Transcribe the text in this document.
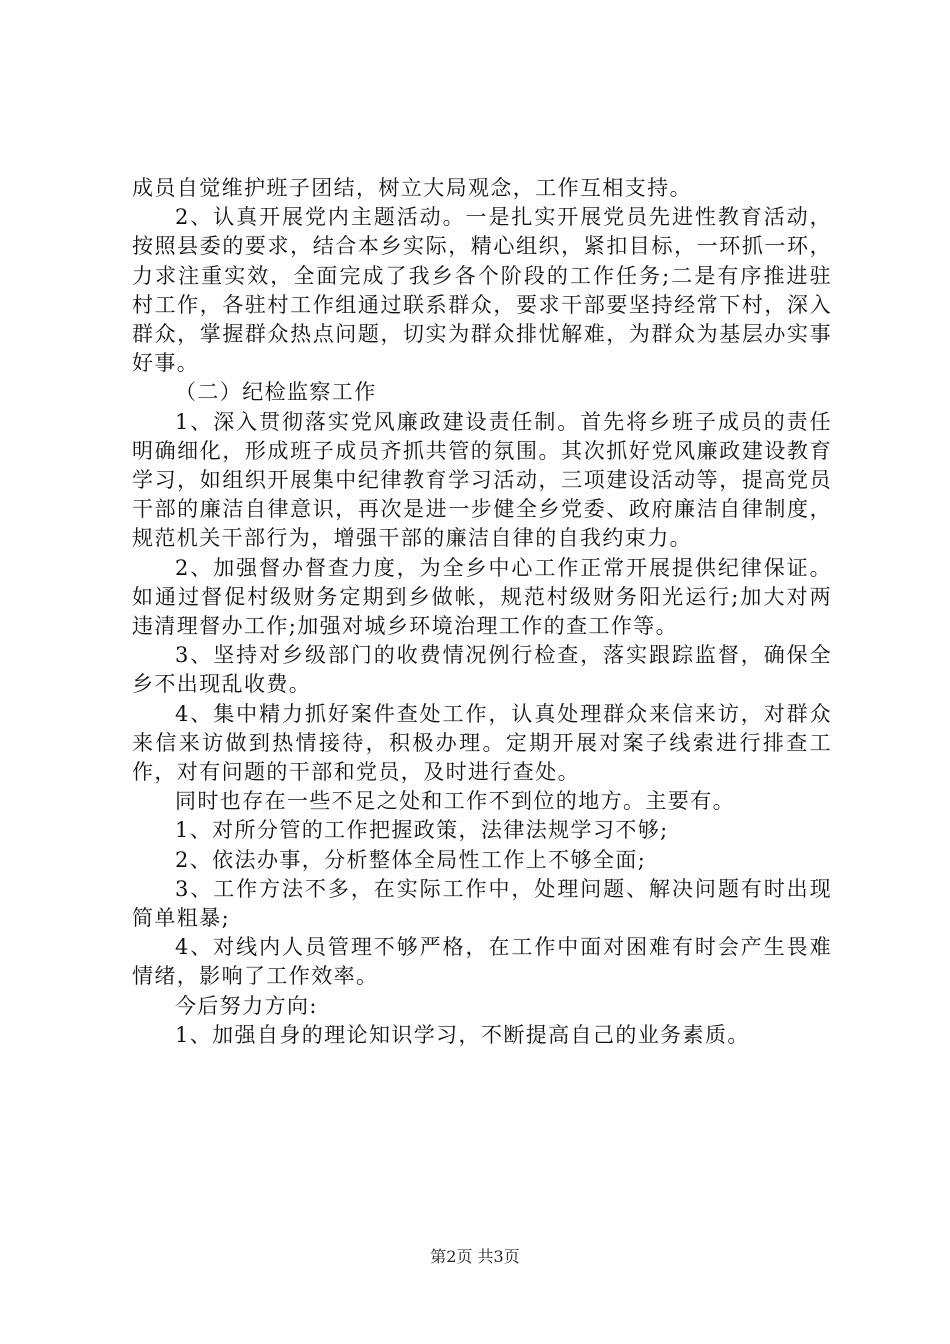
成员自觉维护班子团结，树立大局观念，工作互相支持。

2、认真开展党内主题活动。一是扎实开展党员先进性教育活动，按照县委的要求，结合本乡实际，精心组织，紧扣目标，一环抓一环，力求注重实效，全面完成了我乡各个阶段的工作任务;二是有序推进驻村工作，各驻村工作组通过联系群众，要求干部要坚持经常下村，深入群众，掌握群众热点问题，切实为群众排忧解难，为群众为基层办实事好事。

（二）纪检监察工作

1、深入贯彻落实党风廉政建设责任制。首先将乡班子成员的责任明确细化，形成班子成员齐抓共管的氛围。其次抓好党风廉政建设教育学习，如组织开展集中纪律教育学习活动，三项建设活动等，提高党员干部的廉洁自律意识，再次是进一步健全乡党委、政府廉洁自律制度，规范机关干部行为，增强干部的廉洁自律的自我约束力。

2、加强督办督查力度，为全乡中心工作正常开展提供纪律保证。如通过督促村级财务定期到乡做帐，规范村级财务阳光运行;加大对两违清理督办工作;加强对城乡环境治理工作的查工作等。

3、坚持对乡级部门的收费情况例行检查，落实跟踪监督，确保全乡不出现乱收费。

4、集中精力抓好案件查处工作，认真处理群众来信来访，对群众来信来访做到热情接待，积极办理。定期开展对案子线索进行排查工作，对有问题的干部和党员，及时进行查处。

同时也存在一些不足之处和工作不到位的地方。主要有。

1、对所分管的工作把握政策，法律法规学习不够;

2、依法办事，分析整体全局性工作上不够全面;

3、工作方法不多，在实际工作中，处理问题、解决问题有时出现简单粗暴;

4、对线内人员管理不够严格，在工作中面对困难有时会产生畏难情绪，影响了工作效率。

今后努力方向:

1、加强自身的理论知识学习，不断提高自己的业务素质。

第2页 共3页
